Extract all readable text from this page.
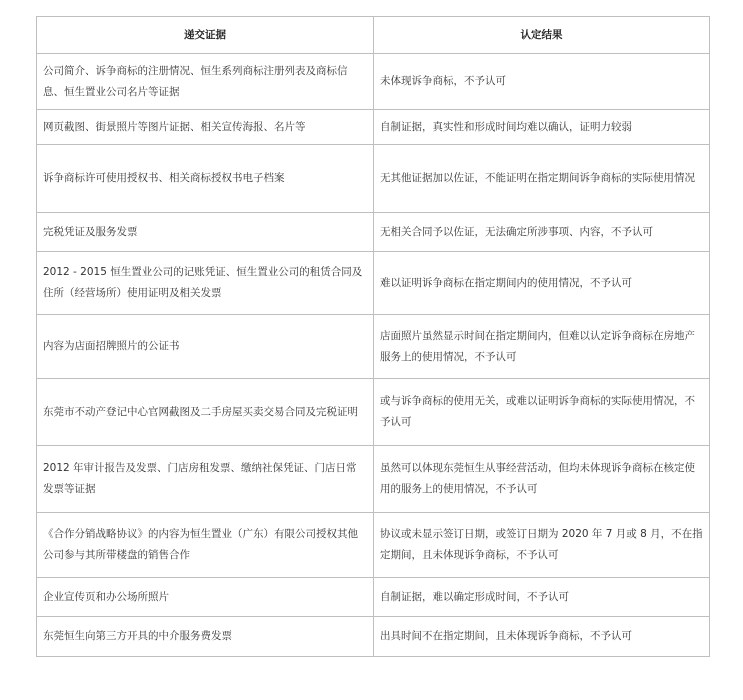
递交证据	认定结果
公司简介、诉争商标的注册情况、恒生系列商标注册列表及商标信息、恒生置业公司名片等证据	未体现诉争商标，不予认可
网页截图、街景照片等图片证据、相关宣传海报、名片等	自制证据，真实性和形成时间均难以确认，证明力较弱
诉争商标许可使用授权书、相关商标授权书电子档案	无其他证据加以佐证，不能证明在指定期间诉争商标的实际使用情况
完税凭证及服务发票	无相关合同予以佐证，无法确定所涉事项、内容，不予认可
2012 - 2015 恒生置业公司的记账凭证、恒生置业公司的租赁合同及住所（经营场所）使用证明及相关发票	难以证明诉争商标在指定期间内的使用情况，不予认可
内容为店面招牌照片的公证书	店面照片虽然显示时间在指定期间内，但难以认定诉争商标在房地产服务上的使用情况，不予认可
东莞市不动产登记中心官网截图及二手房屋买卖交易合同及完税证明	或与诉争商标的使用无关，或难以证明诉争商标的实际使用情况，不予认可
2012 年审计报告及发票、门店房租发票、缴纳社保凭证、门店日常发票等证据	虽然可以体现东莞恒生从事经营活动，但均未体现诉争商标在核定使用的服务上的使用情况，不予认可
《合作分销战略协议》的内容为恒生置业（广东）有限公司授权其他公司参与其所带楼盘的销售合作	协议或未显示签订日期，或签订日期为 2020 年 7 月或 8 月，不在指定期间，且未体现诉争商标，不予认可
企业宣传页和办公场所照片	自制证据，难以确定形成时间，不予认可
东莞恒生向第三方开具的中介服务费发票	出具时间不在指定期间，且未体现诉争商标，不予认可
